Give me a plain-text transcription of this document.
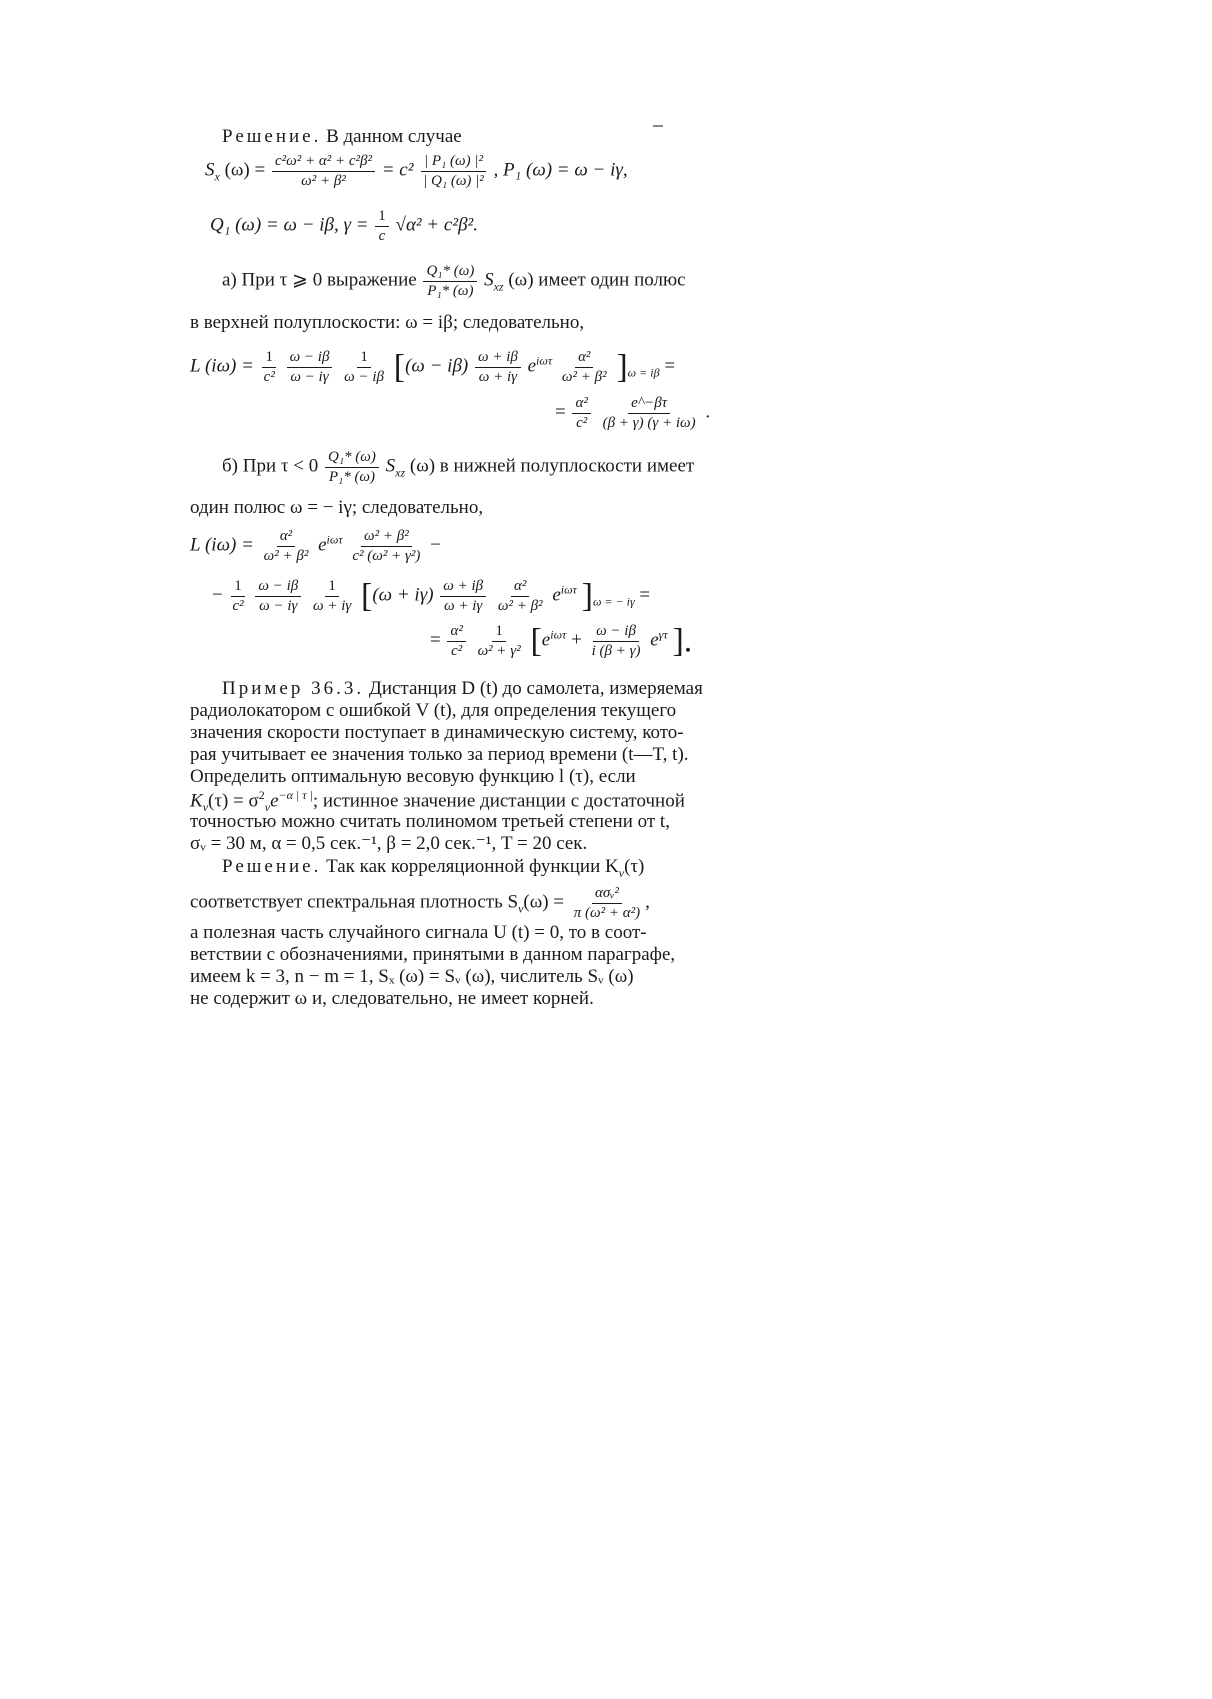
Решение. В данном случае
$S_x$ $(\omega) = \frac{\text{c²ω² + α² + c²β²}}{\text{ω² + β²}} = c^2 \frac{\text{| P₁ (ω) |²}}{\text{| Q₁ (ω) |²}}$ , P₁ (ω) = ω − iγ,
Q₁ (ω) = ω − iβ, $\gamma = \frac{1}{c} √\alpha^2 + c^2\beta^2$.
а) При τ ⩾ 0 выражение $\frac{\text{Q₁* (ω)}}{\text{P₁* (ω)}} S_{xz}$ (ω) имеет один полюс
в верхней полуплоскости: ω = iβ; следовательно,
L $(i\omega) = \frac{1}{\text{c²}}$
$\frac{\omega - i\beta}{\omega - i\gamma}$
$\frac{1}{\omega - i\beta} [(\omega - i\beta) \frac{\omega + i\beta}{\omega + i\gamma} e^{i\omega\tau} \frac{\text{α²}}{\text{ω² + β²}} ]_{\omega = i\beta}$ =
= $\frac{\text{α²}}{\text{c²}}$
$\frac{e\^{}-\beta\tau}{(\beta + \gamma) (\gamma + i\omega)}$ .
б) При $\tau < 0 \frac{\text{Q₁* (ω)}}{\text{P₁* (ω)}} S_{xz}$ (ω) в нижней полуплоскости имеет
один полюс ω = − iγ; следовательно,
L $(i\omega) = \frac{\text{α²}}{\text{ω² + β²}} e^{i\omega\tau} \frac{\text{ω² + β²}}{\text{c² (ω² + γ²)}}$ −
− $\frac{1}{\text{c²}}$
$\frac{\omega - i\beta}{\omega - i\gamma}$
$\frac{1}{\omega + i\gamma} [(\omega + i\gamma) \frac{\omega + i\beta}{\omega + i\gamma}$
$\frac{\text{α²}}{\text{ω² + β²}} e^{i\omega\tau}$ ]$_{\omega = - i\gamma}$ =
= $\frac{\text{α²}}{\text{c²}}$
$\frac{1}{\text{ω² + γ²}} [e^{i\omega\tau} + \frac{\omega - i\beta}{i (\beta + \gamma)} e^{\gamma\tau}$ ].
Пример 36.3. Дистанция D (t) до самолета, измеряемая
радиолокатором с ошибкой V (t), для определения текущего
значения скорости поступает в динамическую систему, кото-
рая учитывает ее значения только за период времени (t—T, t).
Определить оптимальную весовую функцию l (τ), если
$K_v(\tau) = \sigma^2_ve^{-\alpha | \tau |}$; истинное значение дистанции с достаточной
точностью можно считать полиномом третьей степени от t,
σᵥ = 30 м, α = 0,5 сек.⁻¹, β = 2,0 сек.⁻¹, T = 20 сек.
Решение. Так как корреляционной функции $K_v(\tau)$
соответствует спектральная плотность $S_v(\omega)$ = ασᵥ²
π (ω² + α²)
,
а полезная часть случайного сигнала U (t) = 0, то в соот-
ветствии с обозначениями, принятыми в данном параграфе,
имеем k = 3, n − m = 1, Sₓ (ω) = Sᵥ (ω), числитель Sᵥ (ω)
не содержит ω и, следовательно, не имеет корней.
